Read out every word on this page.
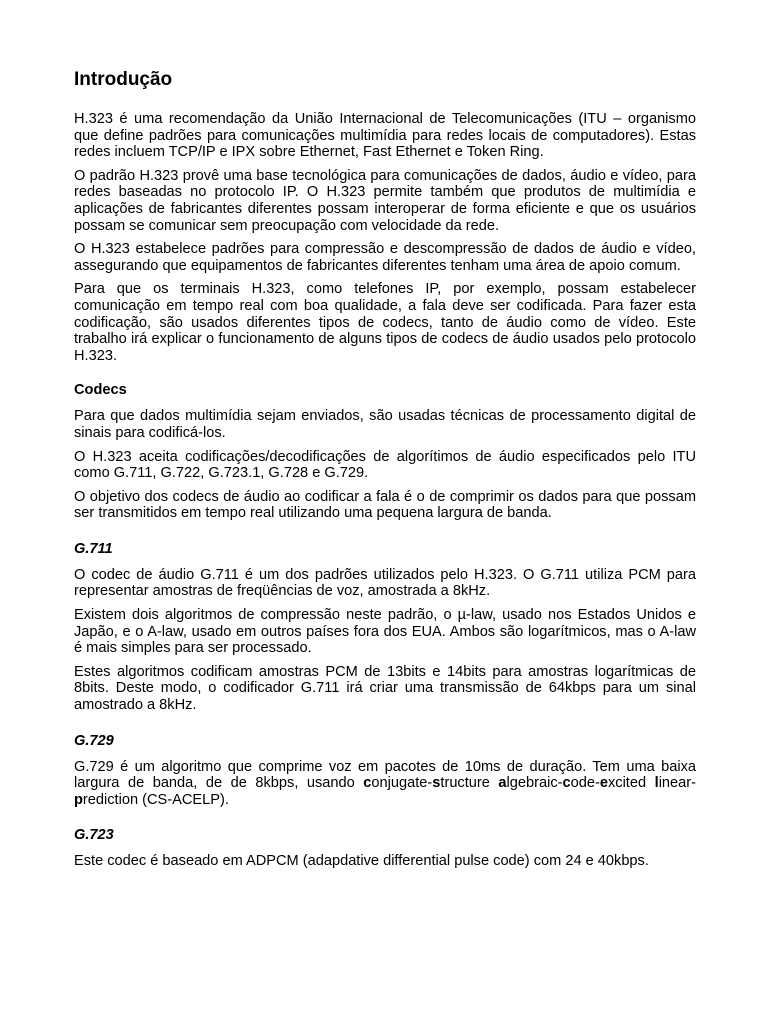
Introdução

H.323 é uma recomendação da União Internacional de Telecomunicações (ITU – organismo que define padrões para comunicações multimídia para redes locais de computadores). Estas redes incluem TCP/IP e IPX sobre Ethernet, Fast Ethernet e Token Ring.

O padrão H.323 provê uma base tecnológica para comunicações de dados, áudio e vídeo, para redes baseadas no protocolo IP. O H.323 permite também que produtos de multimídia e aplicações de fabricantes diferentes possam interoperar de forma eficiente e que os usuários possam se comunicar sem preocupação com velocidade da rede.

O H.323 estabelece padrões para compressão e descompressão de dados de áudio e vídeo, assegurando que equipamentos de fabricantes diferentes tenham uma área de apoio comum.

Para que os terminais H.323, como telefones IP, por exemplo, possam estabelecer comunicação em tempo real com boa qualidade, a fala deve ser codificada. Para fazer esta codificação, são usados diferentes tipos de codecs, tanto de áudio como de vídeo. Este trabalho irá explicar o funcionamento de alguns tipos de codecs de áudio usados pelo protocolo H.323.

Codecs

Para que dados multimídia sejam enviados, são usadas técnicas de processamento digital de sinais para codificá-los.

O H.323 aceita codificações/decodificações de algorítimos de áudio especificados pelo ITU como G.711, G.722, G.723.1, G.728 e G.729.

O objetivo dos codecs de áudio ao codificar a fala é o de comprimir os dados para que possam ser transmitidos em tempo real utilizando uma pequena largura de banda.

G.711

O codec de áudio G.711 é um dos padrões utilizados pelo H.323. O G.711 utiliza PCM para representar amostras de freqüências de voz, amostrada a 8kHz.

Existem dois algoritmos de compressão neste padrão, o µ-law, usado nos Estados Unidos e Japão, e o A-law, usado em outros países fora dos EUA. Ambos são logarítmicos, mas o A-law é mais simples para ser processado.

Estes algoritmos codificam amostras PCM de 13bits e 14bits para amostras logarítmicas de 8bits. Deste modo, o codificador G.711 irá criar uma transmissão de 64kbps para um sinal amostrado a 8kHz.

G.729

G.729 é um algoritmo que comprime voz em pacotes de 10ms de duração. Tem uma baixa largura de banda, de de 8kbps, usando conjugate-structure algebraic-code-excited linear-prediction (CS-ACELP).

G.723

Este codec é baseado em ADPCM (adapdative differential pulse code) com 24 e 40kbps.
